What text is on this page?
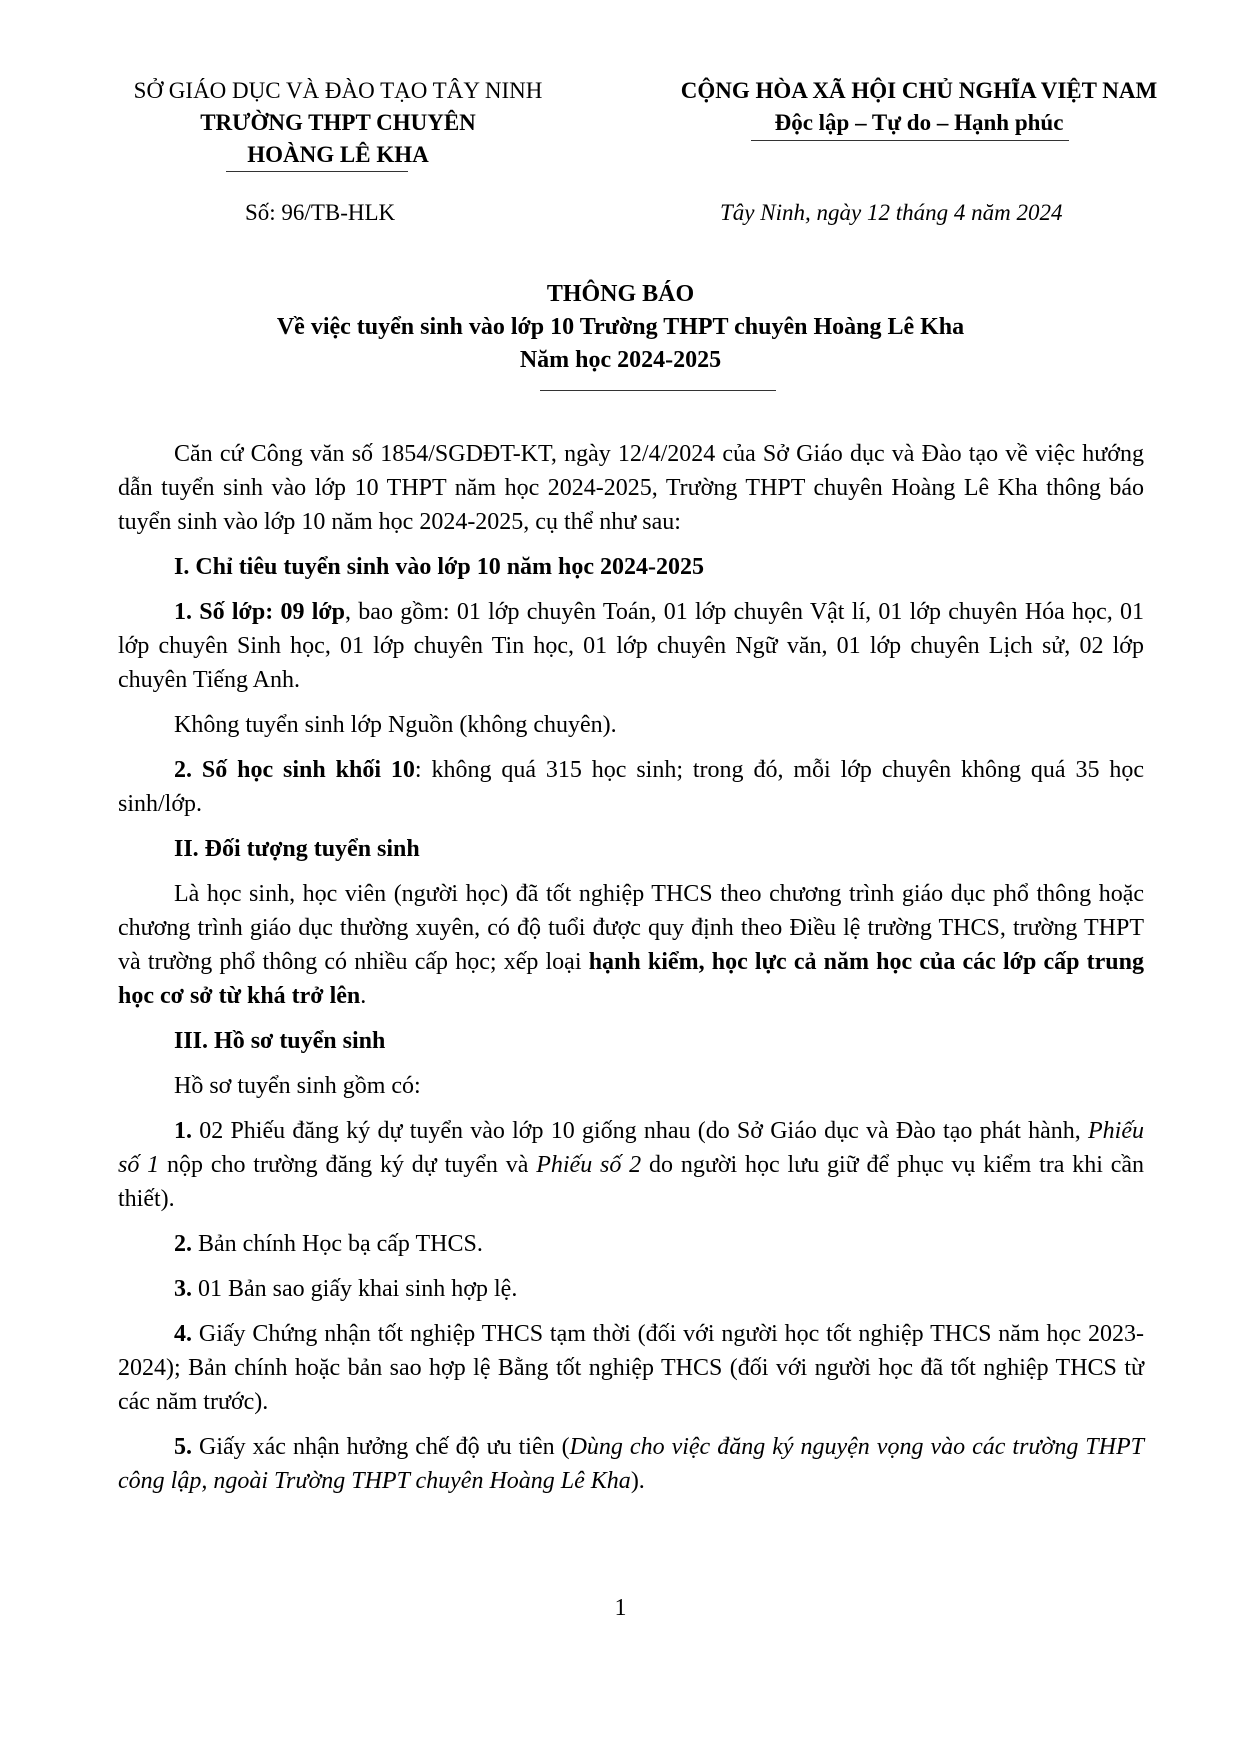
SỞ GIÁO DỤC VÀ ĐÀO TẠO TÂY NINH
TRƯỜNG THPT CHUYÊN
HOÀNG LÊ KHA
CỘNG HÒA XÃ HỘI CHỦ NGHĨA VIỆT NAM
Độc lập – Tự do – Hạnh phúc
Số: 96/TB-HLK	Tây Ninh, ngày 12 tháng 4 năm 2024
THÔNG BÁO
Về việc tuyển sinh vào lớp 10 Trường THPT chuyên Hoàng Lê Kha
Năm học 2024-2025

Căn cứ Công văn số 1854/SGDĐT-KT, ngày 12/4/2024 của Sở Giáo dục và Đào tạo về việc hướng dẫn tuyển sinh vào lớp 10 THPT năm học 2024-2025, Trường THPT chuyên Hoàng Lê Kha thông báo tuyển sinh vào lớp 10 năm học 2024-2025, cụ thể như sau:

I. Chỉ tiêu tuyển sinh vào lớp 10 năm học 2024-2025

1. Số lớp: 09 lớp, bao gồm: 01 lớp chuyên Toán, 01 lớp chuyên Vật lí, 01 lớp chuyên Hóa học, 01 lớp chuyên Sinh học, 01 lớp chuyên Tin học, 01 lớp chuyên Ngữ văn, 01 lớp chuyên Lịch sử, 02 lớp chuyên Tiếng Anh.

Không tuyển sinh lớp Nguồn (không chuyên).

2. Số học sinh khối 10: không quá 315 học sinh; trong đó, mỗi lớp chuyên không quá 35 học sinh/lớp.

II. Đối tượng tuyển sinh

Là học sinh, học viên (người học) đã tốt nghiệp THCS theo chương trình giáo dục phổ thông hoặc chương trình giáo dục thường xuyên, có độ tuổi được quy định theo Điều lệ trường THCS, trường THPT và trường phổ thông có nhiều cấp học; xếp loại hạnh kiểm, học lực cả năm học của các lớp cấp trung học cơ sở từ khá trở lên.

III. Hồ sơ tuyển sinh

Hồ sơ tuyển sinh gồm có:

1. 02 Phiếu đăng ký dự tuyển vào lớp 10 giống nhau (do Sở Giáo dục và Đào tạo phát hành, Phiếu số 1 nộp cho trường đăng ký dự tuyển và Phiếu số 2 do người học lưu giữ để phục vụ kiểm tra khi cần thiết).

2. Bản chính Học bạ cấp THCS.

3. 01 Bản sao giấy khai sinh hợp lệ.

4. Giấy Chứng nhận tốt nghiệp THCS tạm thời (đối với người học tốt nghiệp THCS năm học 2023-2024); Bản chính hoặc bản sao hợp lệ Bằng tốt nghiệp THCS (đối với người học đã tốt nghiệp THCS từ các năm trước).

5. Giấy xác nhận hưởng chế độ ưu tiên (Dùng cho việc đăng ký nguyện vọng vào các trường THPT công lập, ngoài Trường THPT chuyên Hoàng Lê Kha).

1
